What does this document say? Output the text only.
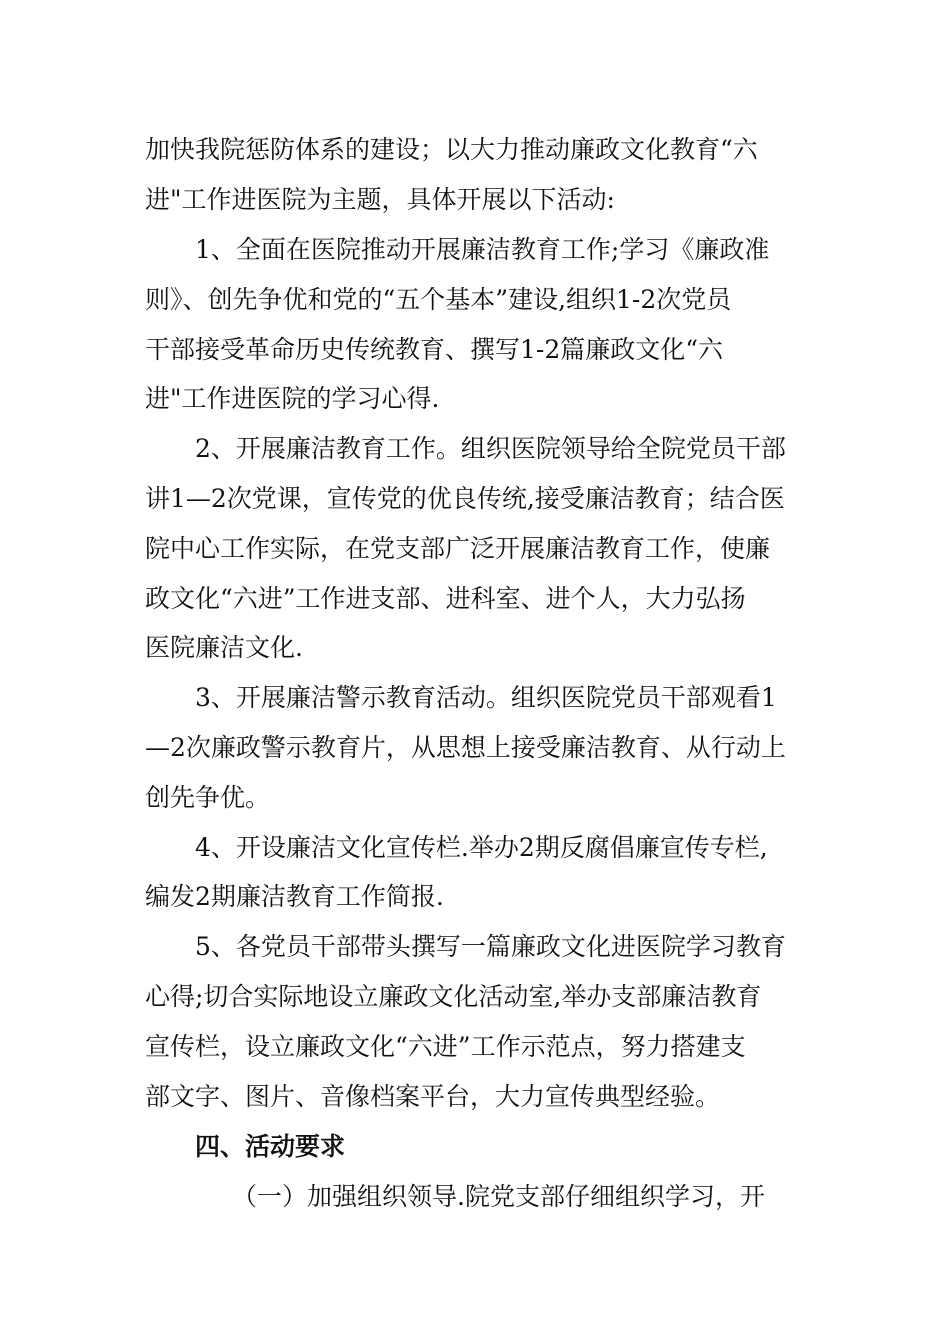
加快我院惩防体系的建设；以大力推动廉政文化教育“六
进"工作进医院为主题，具体开展以下活动:
1、全面在医院推动开展廉洁教育工作;学习《廉政准
则》、创先争优和党的“五个基本”建设,组织1-2次党员
干部接受革命历史传统教育、撰写1-2篇廉政文化“六
进"工作进医院的学习心得.
2、开展廉洁教育工作。组织医院领导给全院党员干部
讲1—2次党课，宣传党的优良传统,接受廉洁教育；结合医
院中心工作实际，在党支部广泛开展廉洁教育工作，使廉
政文化“六进”工作进支部、进科室、进个人，大力弘扬
医院廉洁文化.
3、开展廉洁警示教育活动。组织医院党员干部观看1
—2次廉政警示教育片，从思想上接受廉洁教育、从行动上
创先争优。
4、开设廉洁文化宣传栏.举办2期反腐倡廉宣传专栏,
编发2期廉洁教育工作简报.
5、各党员干部带头撰写一篇廉政文化进医院学习教育
心得;切合实际地设立廉政文化活动室,举办支部廉洁教育
宣传栏，设立廉政文化“六进”工作示范点，努力搭建支
部文字、图片、音像档案平台，大力宣传典型经验。
四、活动要求
（一）加强组织领导.院党支部仔细组织学习，开
